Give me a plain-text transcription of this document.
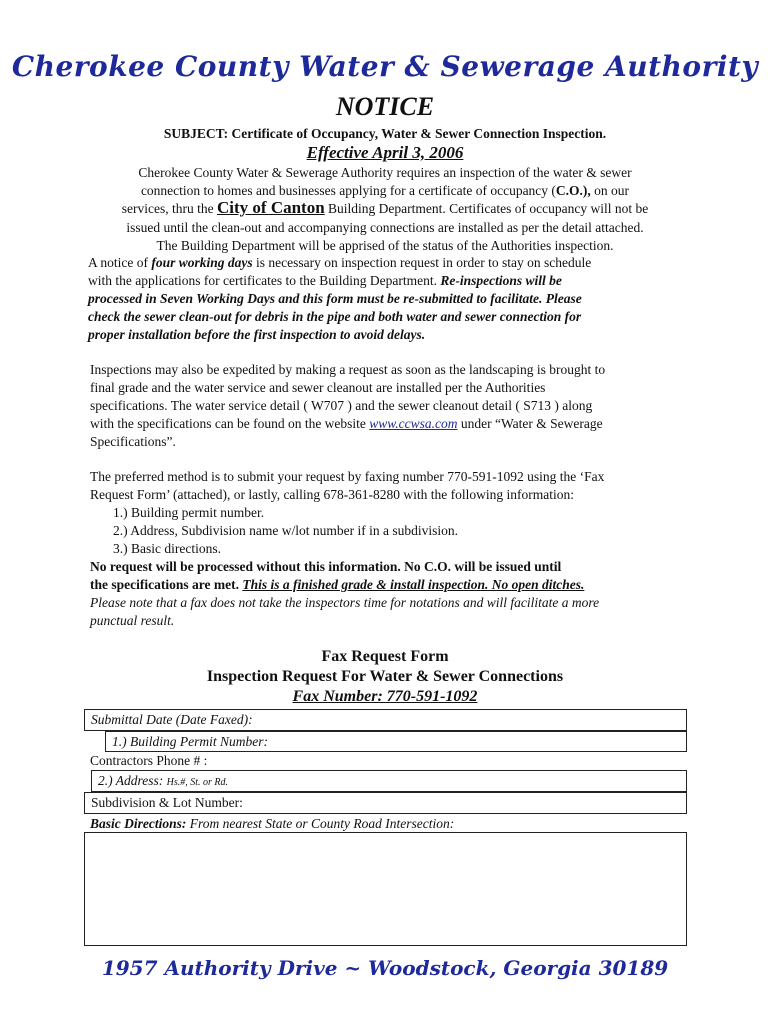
Cherokee County Water & Sewerage Authority
NOTICE
SUBJECT: Certificate of Occupancy, Water & Sewer Connection Inspection.
Effective April 3, 2006
Cherokee County Water & Sewerage Authority requires an inspection of the water & sewer
connection to homes and businesses applying for a certificate of occupancy (C.O.), on our
services, thru the City of Canton Building Department. Certificates of occupancy will not be
issued until the clean-out and accompanying connections are installed as per the detail attached.
The Building Department will be apprised of the status of the Authorities inspection.
A notice of four working days is necessary on inspection request in order to stay on schedule
with the applications for certificates to the Building Department. Re-inspections will be
processed in Seven Working Days and this form must be re-submitted to facilitate. Please
check the sewer clean-out for debris in the pipe and both water and sewer connection for
proper installation before the first inspection to avoid delays.
Inspections may also be expedited by making a request as soon as the landscaping is brought to
final grade and the water service and sewer cleanout are installed per the Authorities
specifications. The water service detail ( W707 ) and the sewer cleanout detail ( S713 ) along
with the specifications can be found on the website www.ccwsa.com under “Water & Sewerage
Specifications”.
The preferred method is to submit your request by faxing number 770-591-1092 using the ‘Fax
Request Form’ (attached), or lastly, calling 678-361-8280 with the following information:
1.) Building permit number.
2.) Address, Subdivision name w/lot number if in a subdivision.
3.) Basic directions.
No request will be processed without this information. No C.O. will be issued until
the specifications are met. This is a finished grade & install inspection. No open ditches.
Please note that a fax does not take the inspectors time for notations and will facilitate a more
punctual result.
Fax Request Form
Inspection Request For Water & Sewer Connections
Fax Number: 770-591-1092
Submittal Date (Date Faxed):
1.) Building Permit Number:
Contractors Phone # :
2.) Address: Hs.#, St. or Rd.
Subdivision & Lot Number:
Basic Directions: From nearest State or County Road Intersection:
1957 Authority Drive ~ Woodstock, Georgia 30189
